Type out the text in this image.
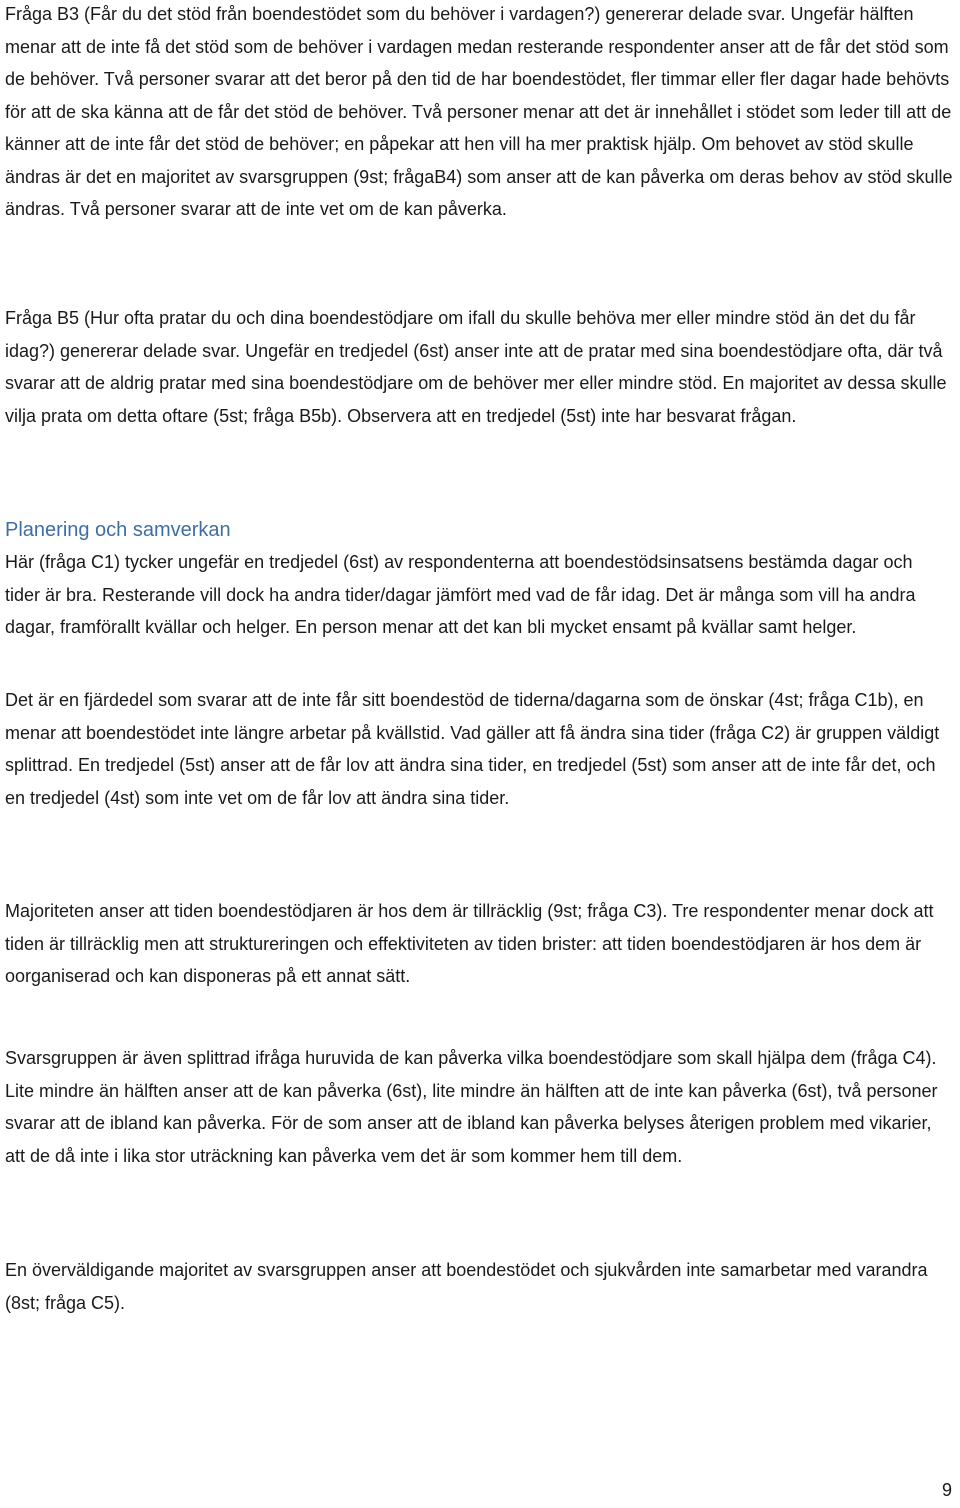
Fråga B3 (Får du det stöd från boendestödet som du behöver i vardagen?) genererar delade svar. Ungefär hälften menar att de inte få det stöd som de behöver i vardagen medan resterande respondenter anser att de får det stöd som de behöver. Två personer svarar att det beror på den tid de har boendestödet, fler timmar eller fler dagar hade behövts för att de ska känna att de får det stöd de behöver. Två personer menar att det är innehållet i stödet som leder till att de känner att de inte får det stöd de behöver; en påpekar att hen vill ha mer praktisk hjälp. Om behovet av stöd skulle ändras är det en majoritet av svarsgruppen (9st; frågaB4) som anser att de kan påverka om deras behov av stöd skulle ändras. Två personer svarar att de inte vet om de kan påverka.

Fråga B5 (Hur ofta pratar du och dina boendestödjare om ifall du skulle behöva mer eller mindre stöd än det du får idag?) genererar delade svar. Ungefär en tredjedel (6st) anser inte att de pratar med sina boendestödjare ofta, där två svarar att de aldrig pratar med sina boendestödjare om de behöver mer eller mindre stöd. En majoritet av dessa skulle vilja prata om detta oftare (5st; fråga B5b). Observera att en tredjedel (5st) inte har besvarat frågan.

Planering och samverkan

Här (fråga C1) tycker ungefär en tredjedel (6st) av respondenterna att boendestödsinsatsens bestämda dagar och tider är bra. Resterande vill dock ha andra tider/dagar jämfört med vad de får idag. Det är många som vill ha andra dagar, framförallt kvällar och helger. En person menar att det kan bli mycket ensamt på kvällar samt helger.

Det är en fjärdedel som svarar att de inte får sitt boendestöd de tiderna/dagarna som de önskar (4st; fråga C1b), en menar att boendestödet inte längre arbetar på kvällstid. Vad gäller att få ändra sina tider (fråga C2) är gruppen väldigt splittrad. En tredjedel (5st) anser att de får lov att ändra sina tider, en tredjedel (5st) som anser att de inte får det, och en tredjedel (4st) som inte vet om de får lov att ändra sina tider.

Majoriteten anser att tiden boendestödjaren är hos dem är tillräcklig (9st; fråga C3). Tre respondenter menar dock att tiden är tillräcklig men att struktureringen och effektiviteten av tiden brister: att tiden boendestödjaren är hos dem är oorganiserad och kan disponeras på ett annat sätt.

Svarsgruppen är även splittrad ifråga huruvida de kan påverka vilka boendestödjare som skall hjälpa dem (fråga C4). Lite mindre än hälften anser att de kan påverka (6st), lite mindre än hälften att de inte kan påverka (6st), två personer svarar att de ibland kan påverka. För de som anser att de ibland kan påverka belyses återigen problem med vikarier, att de då inte i lika stor uträckning kan påverka vem det är som kommer hem till dem.

En överväldigande majoritet av svarsgruppen anser att boendestödet och sjukvården inte samarbetar med varandra (8st; fråga C5).

9
